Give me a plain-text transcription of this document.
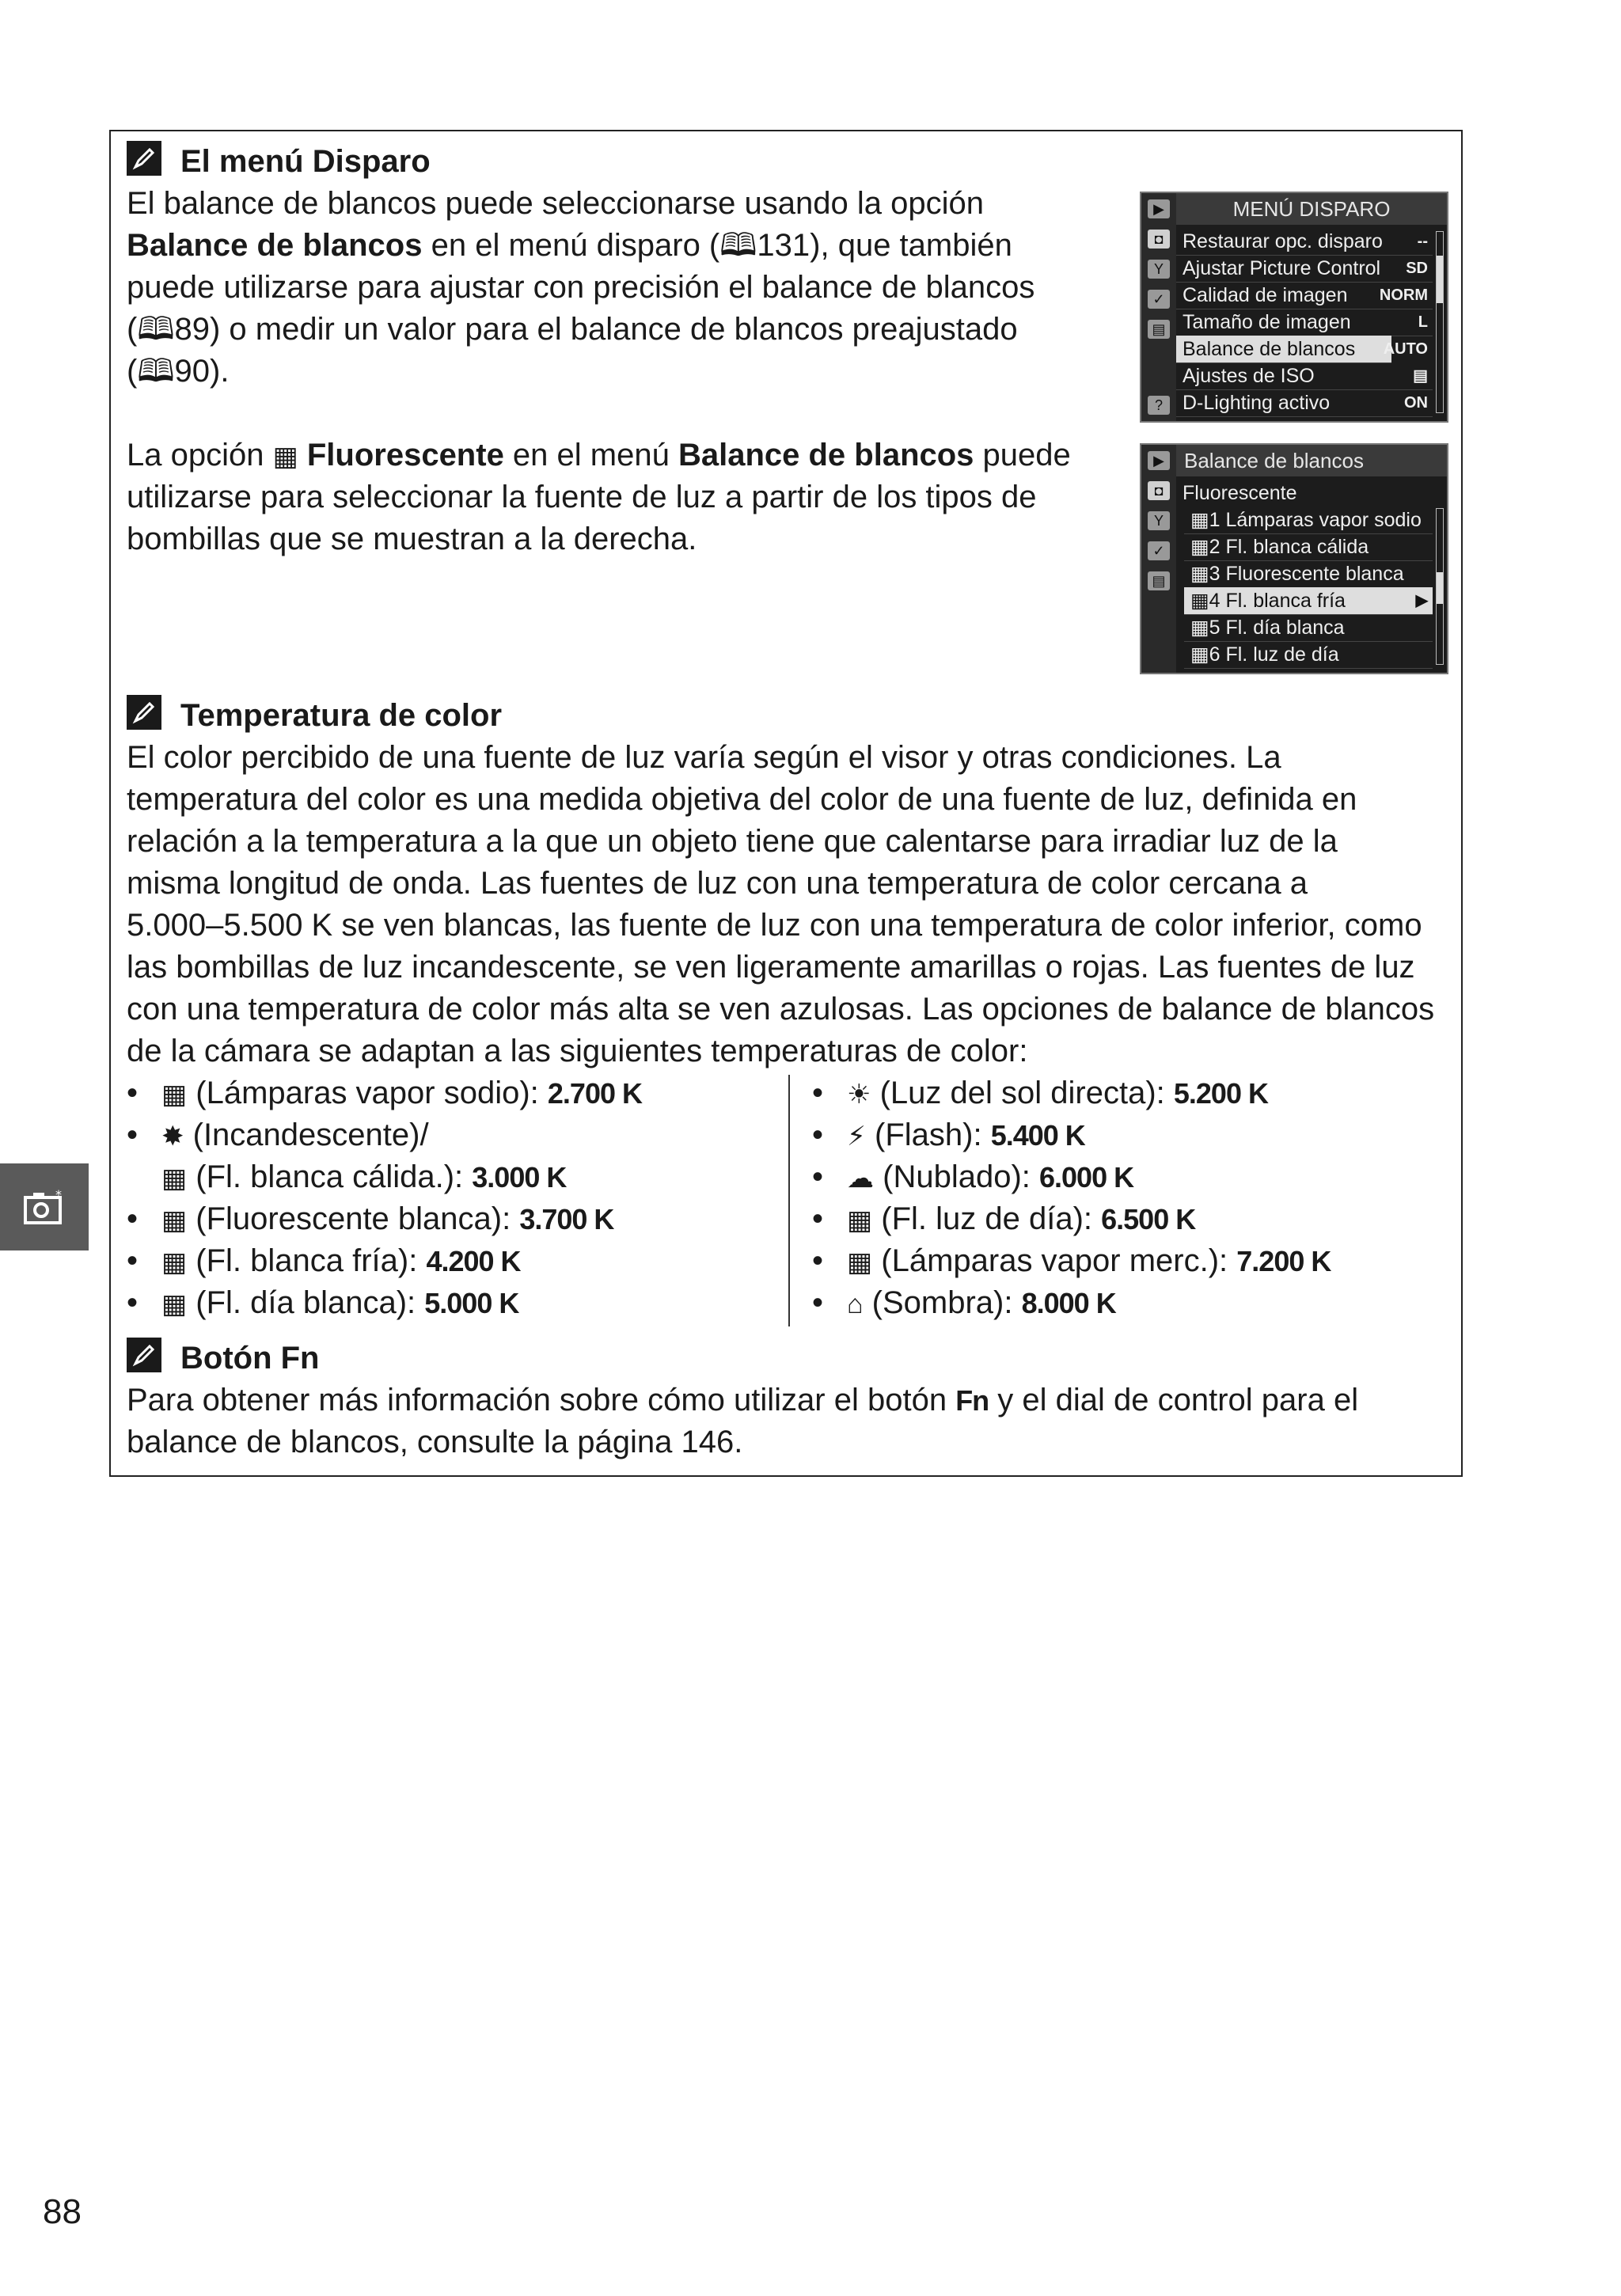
El menú Disparo
El balance de blancos puede seleccionarse usando la opción
Balance de blancos en el menú disparo (🕮131), que también
puede utilizarse para ajustar con precisión el balance de blancos
(🕮89) o medir un valor para el balance de blancos preajustado
(🕮90).
La opción ▦ Fluorescente en el menú Balance de blancos puede
utilizarse para seleccionar la fuente de luz a partir de los tipos de
bombillas que se muestran a la derecha.
▶
◘
Y
✓
▤
?
MENÚ DISPARO
Restaurar opc. disparo --
Ajustar Picture Control SD
Calidad de imagen NORM
Tamaño de imagen	L
Balance de blancos	AUTO
Ajustes de ISO	▤
D-Lighting activo	ON
▶
◘
Y
✓
▤
Balance de blancos
Fluorescente
▦1 Lámparas vapor sodio
▦2 Fl. blanca cálida
▦3 Fluorescente blanca
▦4 Fl. blanca fría	▶
▦5 Fl. día blanca
▦6 Fl. luz de día
Temperatura de color
El color percibido de una fuente de luz varía según el visor y otras condiciones. La
temperatura del color es una medida objetiva del color de una fuente de luz, definida en
relación a la temperatura a la que un objeto tiene que calentarse para irradiar luz de la
misma longitud de onda. Las fuentes de luz con una temperatura de color cercana a
5.000–5.500 K se ven blancas, las fuente de luz con una temperatura de color inferior, como
las bombillas de luz incandescente, se ven ligeramente amarillas o rojas. Las fuentes de luz
con una temperatura de color más alta se ven azulosas. Las opciones de balance de blancos
de la cámara se adaptan a las siguientes temperaturas de color:
• ▦ (Lámparas vapor sodio): 2.700 K
• ✸ (Incandescente)/
▦ (Fl. blanca cálida.): 3.000 K
• ▦ (Fluorescente blanca): 3.700 K
• ▦ (Fl. blanca fría): 4.200 K
• ▦ (Fl. día blanca): 5.000 K
• ☀ (Luz del sol directa): 5.200 K
• ⚡ (Flash): 5.400 K
• ☁ (Nublado): 6.000 K
• ▦ (Fl. luz de día): 6.500 K
• ▦ (Lámparas vapor merc.): 7.200 K
• ⌂ (Sombra): 8.000 K
Botón Fn
Para obtener más información sobre cómo utilizar el botón Fn y el dial de control para el
balance de blancos, consulte la página 146.
*
88
